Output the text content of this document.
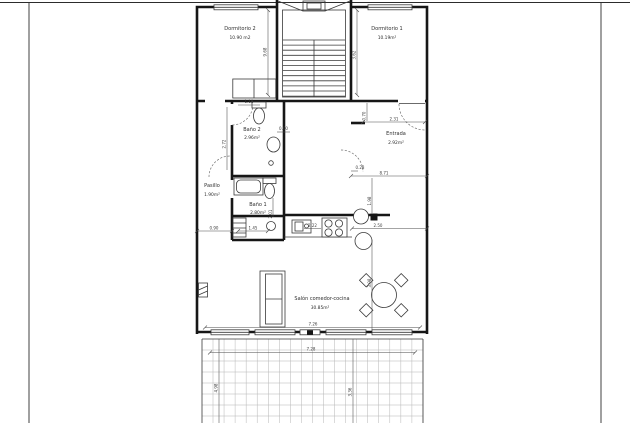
9.68	3.62
2.72
1.18
0.60
0.70	2.31
0.28
8.71
1.98
2.01
0.90	1.45	2.22	2.50
3.98
7.26
7.28
4.98	3.36
Dormitorio 2
10.90 m2
Dormitorio 1
10.19m²
Baño 2
2.96m²
Pasillo
1.90m²
Baño 1
2.80m²
Entrada
2.92m²
Salón comedor-cocina
30.85m²
